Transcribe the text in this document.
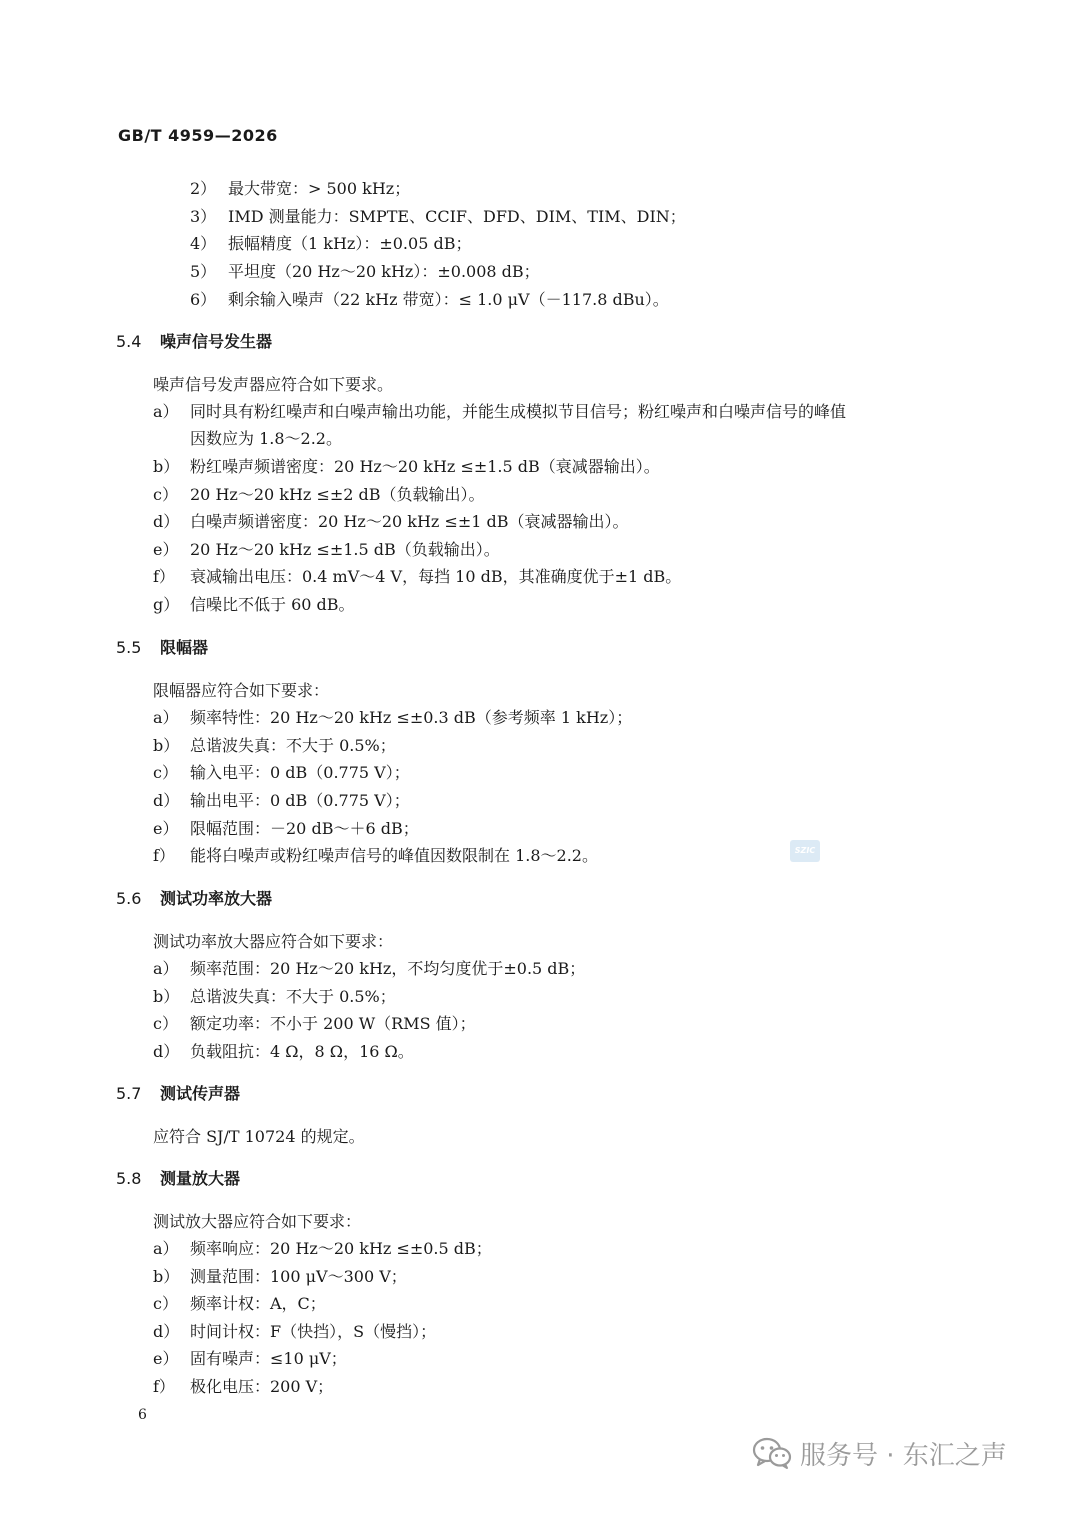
GB/T 4959—2026
2） 最大带宽：> 500 kHz；
3） IMD 测量能力：SMPTE、CCIF、DFD、DIM、TIM、DIN；
4） 振幅精度（1 kHz）：±0.05 dB；
5） 平坦度（20 Hz～20 kHz）：±0.008 dB；
6） 剩余输入噪声（22 kHz 带宽）：≤ 1.0 μV（－117.8 dBu）。
5.4 噪声信号发生器
噪声信号发声器应符合如下要求。
a） 同时具有粉红噪声和白噪声输出功能，并能生成模拟节目信号；粉红噪声和白噪声信号的峰值
因数应为 1.8～2.2。
b） 粉红噪声频谱密度：20 Hz～20 kHz ≤±1.5 dB（衰减器输出）。
c） 20 Hz～20 kHz ≤±2 dB（负载输出）。
d） 白噪声频谱密度：20 Hz～20 kHz ≤±1 dB（衰减器输出）。
e） 20 Hz～20 kHz ≤±1.5 dB（负载输出）。
f） 衰减输出电压：0.4 mV～4 V，每挡 10 dB，其准确度优于±1 dB。
g） 信噪比不低于 60 dB。
5.5 限幅器
限幅器应符合如下要求：
a） 频率特性：20 Hz～20 kHz ≤±0.3 dB（参考频率 1 kHz）；
b） 总谐波失真：不大于 0.5%；
c） 输入电平：0 dB（0.775 V）；
d） 输出电平：0 dB（0.775 V）；
e） 限幅范围：－20 dB～＋6 dB；
f） 能将白噪声或粉红噪声信号的峰值因数限制在 1.8～2.2。	SZIC
5.6 测试功率放大器
测试功率放大器应符合如下要求：
a） 频率范围：20 Hz～20 kHz，不均匀度优于±0.5 dB；
b） 总谐波失真：不大于 0.5%；
c） 额定功率：不小于 200 W（RMS 值）；
d） 负载阻抗：4 Ω，8 Ω，16 Ω。
5.7 测试传声器
应符合 SJ/T 10724 的规定。
5.8 测量放大器
测试放大器应符合如下要求：
a） 频率响应：20 Hz～20 kHz ≤±0.5 dB；
b） 测量范围：100 μV～300 V；
c） 频率计权：A，C；
d） 时间计权：F（快挡），S（慢挡）；
e） 固有噪声：≤10 μV；
f） 极化电压：200 V；
6
服务号 · 东汇之声
